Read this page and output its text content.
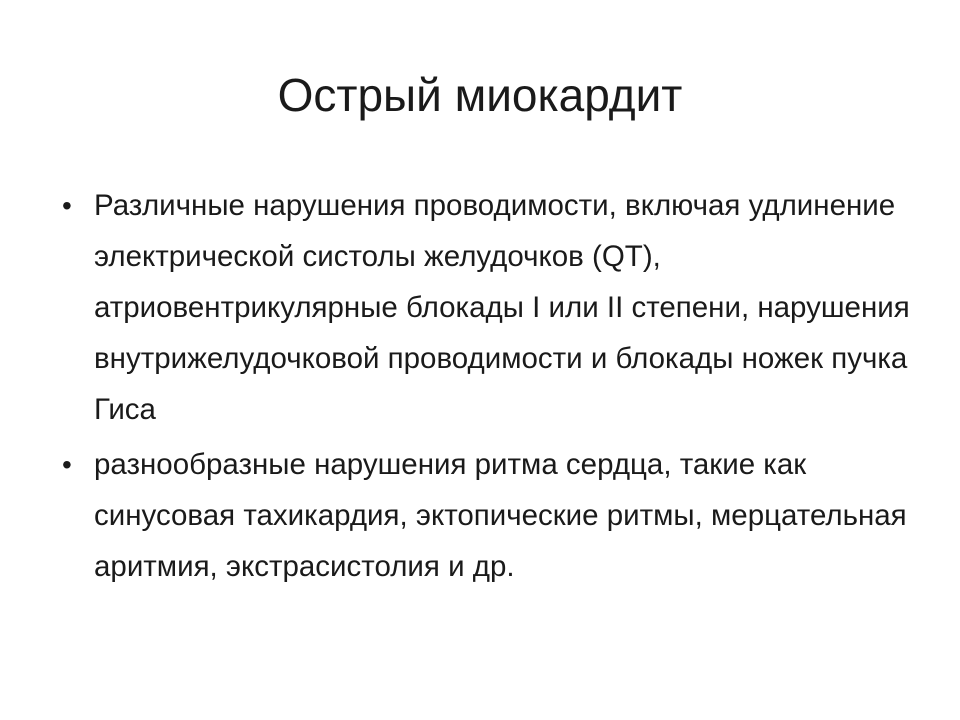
Острый миокардит
• Различные нарушения проводимости, включая удлинение электрической систолы желудочков (QT), атриовентрикулярные блокады I или II степени, нарушения внутрижелудочковой проводимости и блокады ножек пучка Гиса
• разнообразные нарушения ритма сердца, такие как синусовая тахикардия, эктопические ритмы, мерцательная аритмия, экстрасистолия и др.
